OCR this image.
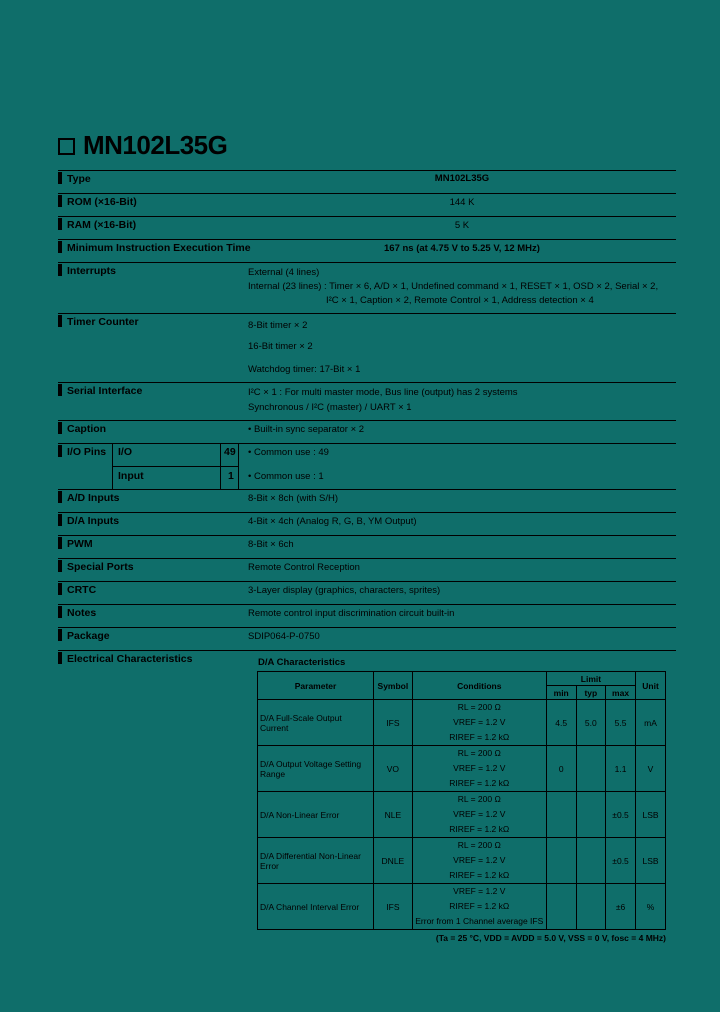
MN102L35G
Type	MN102L35G
ROM (×16-Bit)	144 K
RAM (×16-Bit)	5 K
Minimum Instruction Execution Time	167 ns (at 4.75 V to 5.25 V, 12 MHz)
Interrupts	External (4 lines)
Internal (23 lines) : Timer × 6, A/D × 1, Undefined command × 1, RESET × 1, OSD × 2, Serial × 2,
I²C × 1, Caption × 2, Remote Control × 1, Address detection × 4
Timer Counter	8-Bit timer × 2
16-Bit timer × 2
Watchdog timer: 17-Bit × 1
Serial Interface	I²C × 1 : For multi master mode, Bus line (output) has 2 systems
Synchronous / I²C (master) / UART × 1
Caption	• Built-in sync separator × 2
I/O Pins I/O	49 • Common use : 49
Input	1 • Common use : 1
A/D Inputs	8-Bit × 8ch (with S/H)
D/A Inputs	4-Bit × 4ch (Analog R, G, B, YM Output)
PWM	8-Bit × 6ch
Special Ports	Remote Control Reception
CRTC	3-Layer display (graphics, characters, sprites)
Notes	Remote control input discrimination circuit built-in
Package	SDIP064-P-0750
Electrical Characteristics	D/A Characteristics
Parameter	Symbol	Conditions	Limit			Unit
			min	typ	max	
D/A Full-Scale Output Current	IFS	RL = 200 Ω
VREF = 1.2 V
RIREF = 1.2 kΩ	4.5	5.0	5.5	mA
D/A Output Voltage Setting Range	VO	RL = 200 Ω
VREF = 1.2 V
RIREF = 1.2 kΩ	0		1.1	V
D/A Non-Linear Error	NLE	RL = 200 Ω
VREF = 1.2 V
RIREF = 1.2 kΩ			±0.5	LSB
D/A Differential Non-Linear Error	DNLE	RL = 200 Ω
VREF = 1.2 V
RIREF = 1.2 kΩ			±0.5	LSB
D/A Channel Interval Error	IFS	VREF = 1.2 V
RIREF = 1.2 kΩ
Error from 1 Channel average IFS			±6	%
(Ta = 25 °C, VDD = AVDD = 5.0 V, VSS = 0 V, fosc = 4 MHz)
